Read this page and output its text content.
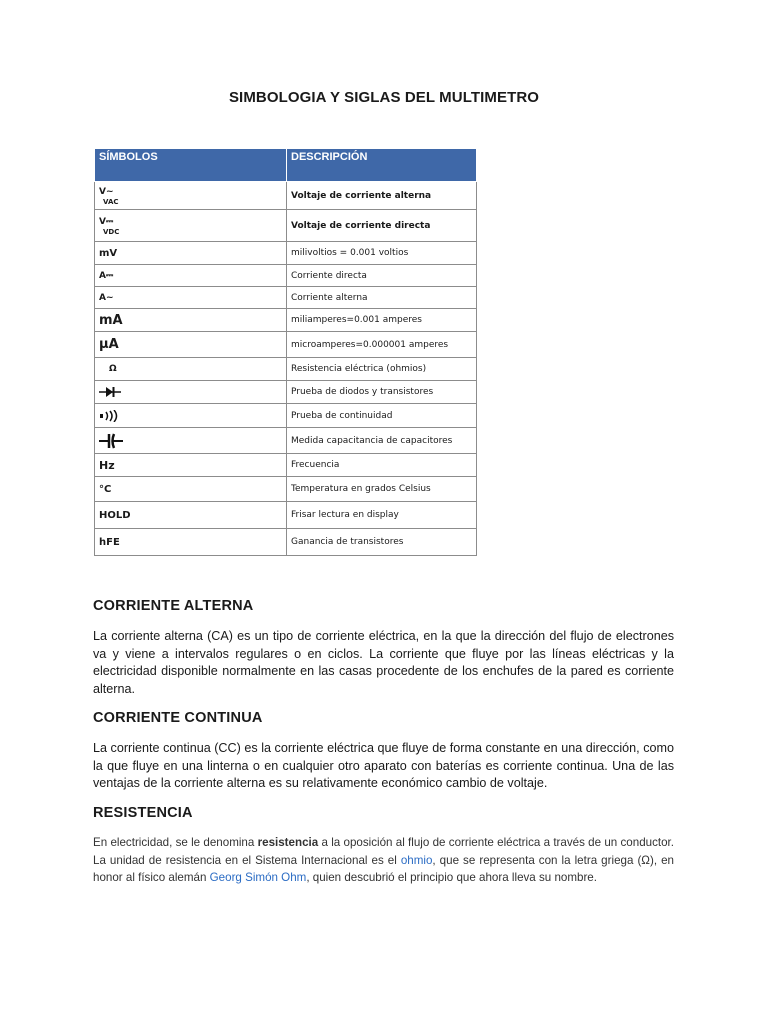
SIMBOLOGIA Y SIGLAS DEL MULTIMETRO
SÍMBOLOS	DESCRIPCIÓN

V~
VAC	Voltaje de corriente alterna

V⎓
VDC	Voltaje de corriente directa
mV	milivoltios = 0.001 voltios
A⎓	Corriente directa
A~	Corriente alterna
mA	miliamperes=0.001 amperes
μA	microamperes=0.000001 amperes
Ω	Resistencia eléctrica (ohmios)
	Prueba de diodos y transistores
	Prueba de continuidad
	Medida capacitancia de capacitores
Hz	Frecuencia
°C	Temperatura en grados Celsius
HOLD	Frisar lectura en display
hFE	Ganancia de transistores
CORRIENTE ALTERNA

La corriente alterna (CA) es un tipo de corriente eléctrica, en la que la dirección del flujo de electrones va y viene a intervalos regulares o en ciclos. La corriente que fluye por las líneas eléctricas y la electricidad disponible normalmente en las casas procedente de los enchufes de la pared es corriente alterna.

CORRIENTE CONTINUA

La corriente continua (CC) es la corriente eléctrica que fluye de forma constante en una dirección, como la que fluye en una linterna o en cualquier otro aparato con baterías es corriente continua. Una de las ventajas de la corriente alterna es su relativamente económico cambio de voltaje.

RESISTENCIA

En electricidad, se le denomina resistencia a la oposición al flujo de corriente eléctrica a través de un conductor. La unidad de resistencia en el Sistema Internacional es el ohmio, que se representa con la letra griega (Ω), en honor al físico alemán Georg Simón Ohm, quien descubrió el principio que ahora lleva su nombre.
